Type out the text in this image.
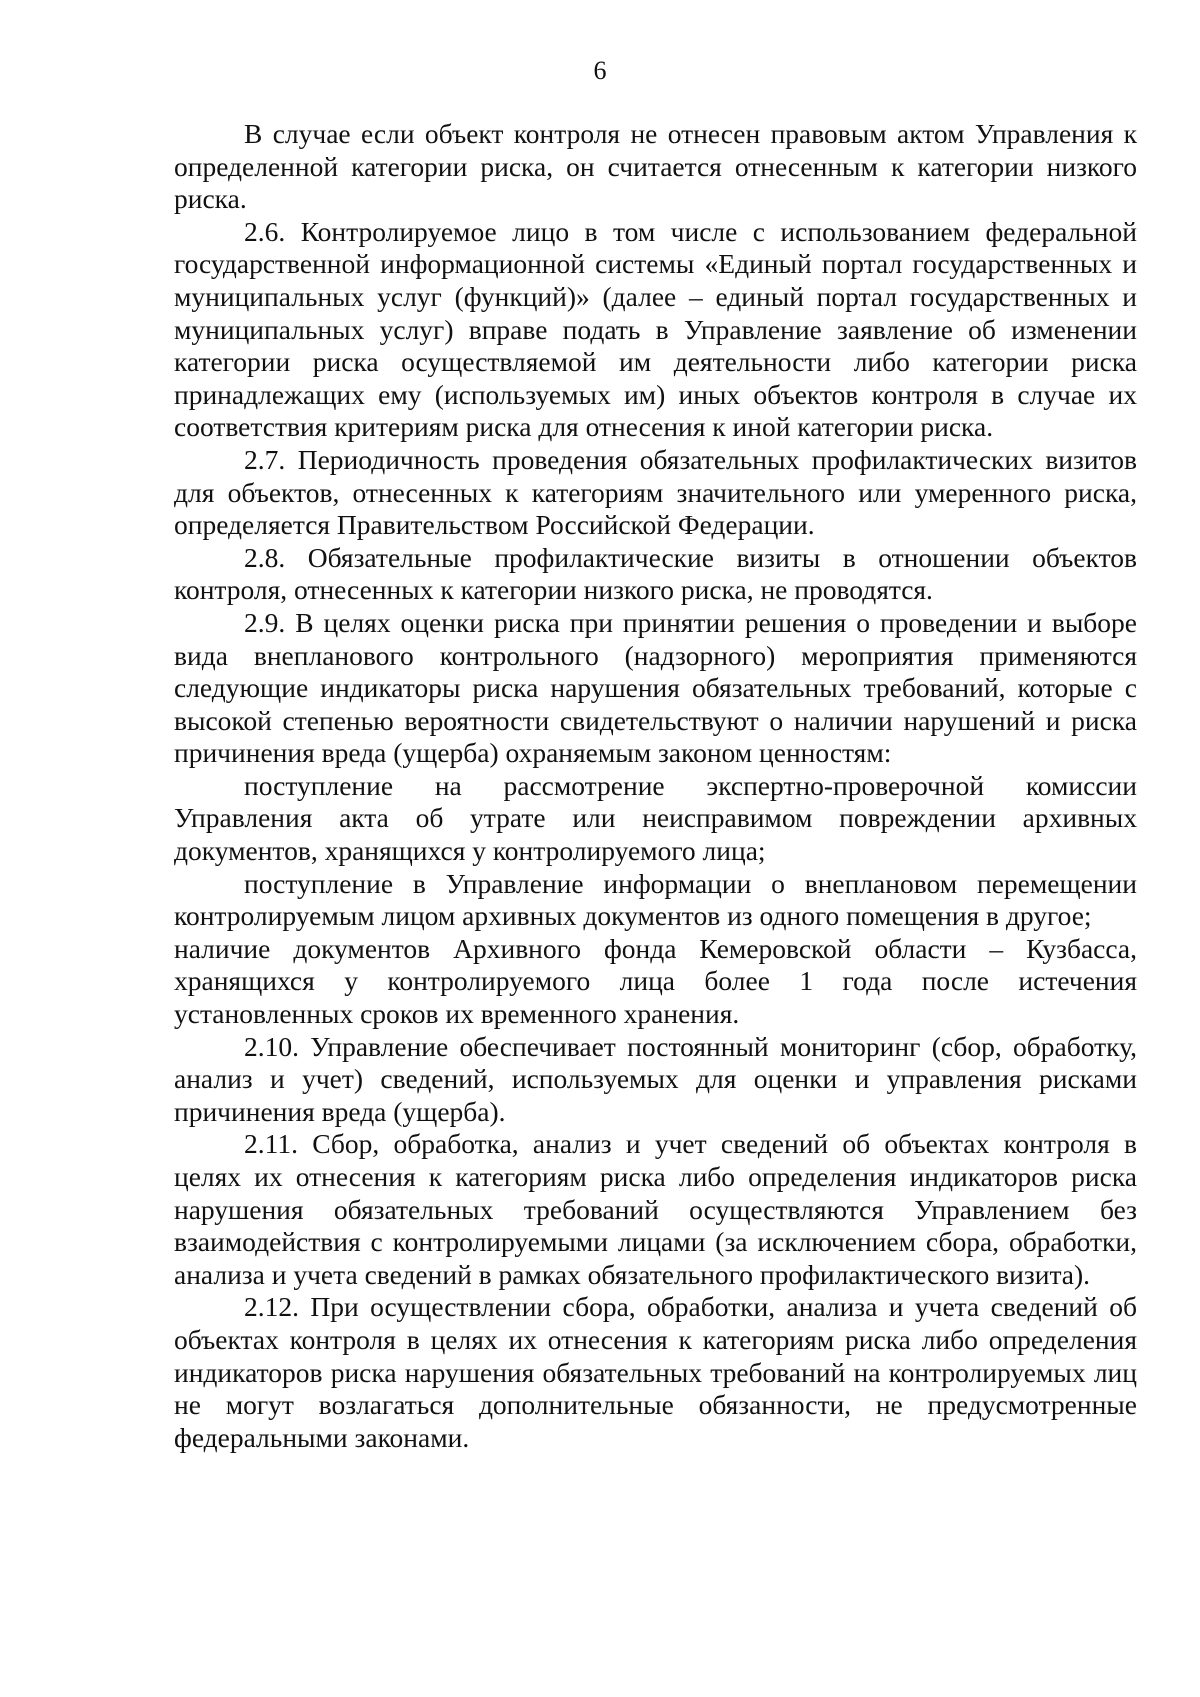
6

В случае если объект контроля не отнесен правовым актом Управления к определенной категории риска, он считается отнесенным к категории низкого риска.

2.6. Контролируемое лицо в том числе с использованием федеральной государственной информационной системы «Единый портал государственных и муниципальных услуг (функций)» (далее – единый портал государственных и муниципальных услуг) вправе подать в Управление заявление об изменении категории риска осуществляемой им деятельности либо категории риска принадлежащих ему (используемых им) иных объектов контроля в случае их соответствия критериям риска для отнесения к иной категории риска.

2.7. Периодичность проведения обязательных профилактических визитов для объектов, отнесенных к категориям значительного или умеренного риска, определяется Правительством Российской Федерации.

2.8. Обязательные профилактические визиты в отношении объектов контроля, отнесенных к категории низкого риска, не проводятся.

2.9. В целях оценки риска при принятии решения о проведении и выборе вида внепланового контрольного (надзорного) мероприятия применяются следующие индикаторы риска нарушения обязательных требований, которые с высокой степенью вероятности свидетельствуют о наличии нарушений и риска причинения вреда (ущерба) охраняемым законом ценностям:

поступление на рассмотрение экспертно-проверочной комиссии Управления акта об утрате или неисправимом повреждении архивных документов, хранящихся у контролируемого лица;

поступление в Управление информации о внеплановом перемещении контролируемым лицом архивных документов из одного помещения в другое;

наличие документов Архивного фонда Кемеровской области – Кузбасса, хранящихся у контролируемого лица более 1 года после истечения установленных сроков их временного хранения.

2.10. Управление обеспечивает постоянный мониторинг (сбор, обработку, анализ и учет) сведений, используемых для оценки и управления рисками причинения вреда (ущерба).

2.11. Сбор, обработка, анализ и учет сведений об объектах контроля в целях их отнесения к категориям риска либо определения индикаторов риска нарушения обязательных требований осуществляются Управлением без взаимодействия с контролируемыми лицами (за исключением сбора, обработки, анализа и учета сведений в рамках обязательного профилактического визита).

2.12. При осуществлении сбора, обработки, анализа и учета сведений об объектах контроля в целях их отнесения к категориям риска либо определения индикаторов риска нарушения обязательных требований на контролируемых лиц не могут возлагаться дополнительные обязанности, не предусмотренные федеральными законами.
